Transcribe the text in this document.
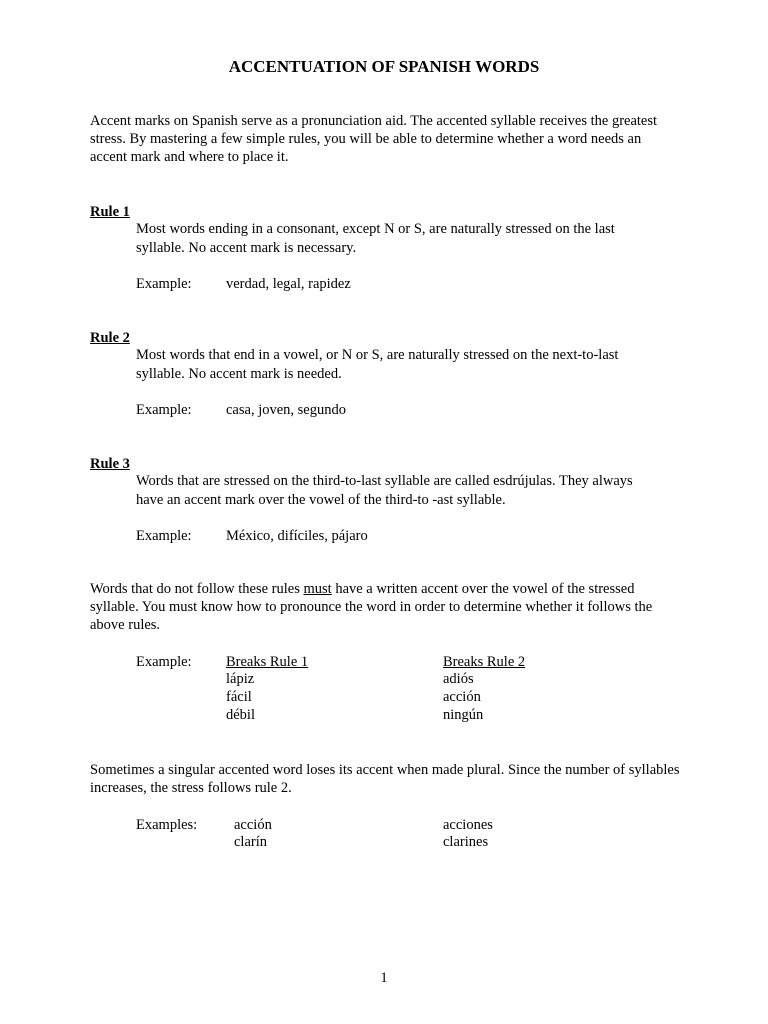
ACCENTUATION OF SPANISH WORDS
Accent marks on Spanish serve as a pronunciation aid. The accented syllable receives the greatest stress. By mastering a few simple rules, you will be able to determine whether a word needs an accent mark and where to place it.
Rule 1
Most words ending in a consonant, except N or S, are naturally stressed on the last
syllable. No accent mark is necessary.
Example: verdad, legal, rapidez
Rule 2
Most words that end in a vowel, or N or S, are naturally stressed on the next-to-last
syllable. No accent mark is needed.
Example: casa, joven, segundo
Rule 3
Words that are stressed on the third-to-last syllable are called esdrújulas. They always
have an accent mark over the vowel of the third-to -ast syllable.
Example: México, difíciles, pájaro
Words that do not follow these rules must have a written accent over the vowel of the stressed syllable. You must know how to pronounce the word in order to determine whether it follows the above rules.
Example: Breaks Rule 1	Breaks Rule 2
lápiz
fácil
débil
adiós
acción
ningún
Sometimes a singular accented word loses its accent when made plural. Since the number of syllables increases, the stress follows rule 2.
Examples:	acción
clarín
acciones
clarines
1
